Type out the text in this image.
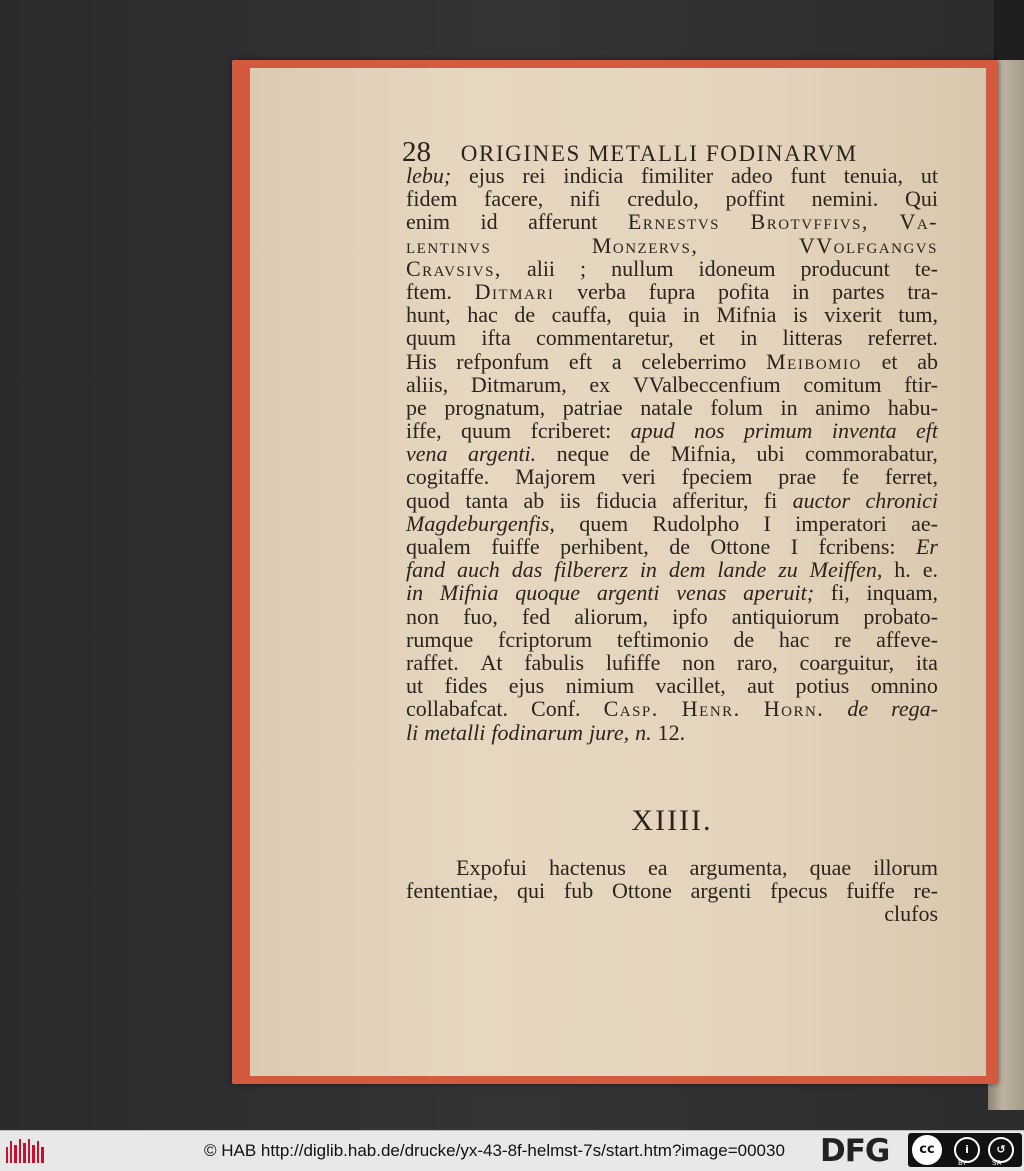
28 ORIGINES METALLI FODINARVM
lebu; ejus rei indicia fimiliter adeo funt tenuia, ut
fidem facere, nifi credulo, poffint nemini. Qui
enim id afferunt Ernestvs Brotvffivs, Va-
lentinvs	Monzervs,	VVolfgangvs
Cravsivs, alii ; nullum idoneum producunt te-
ftem. Ditmari verba fupra pofita in partes tra-
hunt, hac de cauffa, quia in Mifnia is vixerit tum,
quum ifta commentaretur, et in litteras referret.
His refponfum eft a celeberrimo Meibomio et ab
aliis, Ditmarum, ex VValbeccenfium comitum ftir-
pe prognatum, patriae natale folum in animo habu-
iffe, quum fcriberet: apud nos primum inventa eft
vena argenti. neque de Mifnia, ubi commorabatur,
cogitaffe. Majorem veri fpeciem prae fe ferret,
quod tanta ab iis fiducia afferitur, fi auctor chronici
Magdeburgenfis, quem Rudolpho I imperatori ae-
qualem fuiffe perhibent, de Ottone I fcribens: Er
fand auch das filbererz in dem lande zu Meiffen, h. e.
in Mifnia quoque argenti venas aperuit; fi, inquam,
non fuo, fed aliorum, ipfo antiquiorum probato-
rumque fcriptorum teftimonio de hac re affeve-
raffet. At fabulis lufiffe non raro, coarguitur, ita
ut fides ejus nimium vacillet, aut potius omnino
collabafcat. Conf. Casp. Henr. Horn. de rega-
li metalli fodinarum jure, n. 12.
XIIII.
Expofui hactenus ea argumenta, quae illorum
fententiae, qui fub Ottone argenti fpecus fuiffe re-
clufos
© HAB http://diglib.hab.de/drucke/yx-43-8f-helmst-7s/start.htm?image=00030 DFG	cc	i	↺
BY	SA
